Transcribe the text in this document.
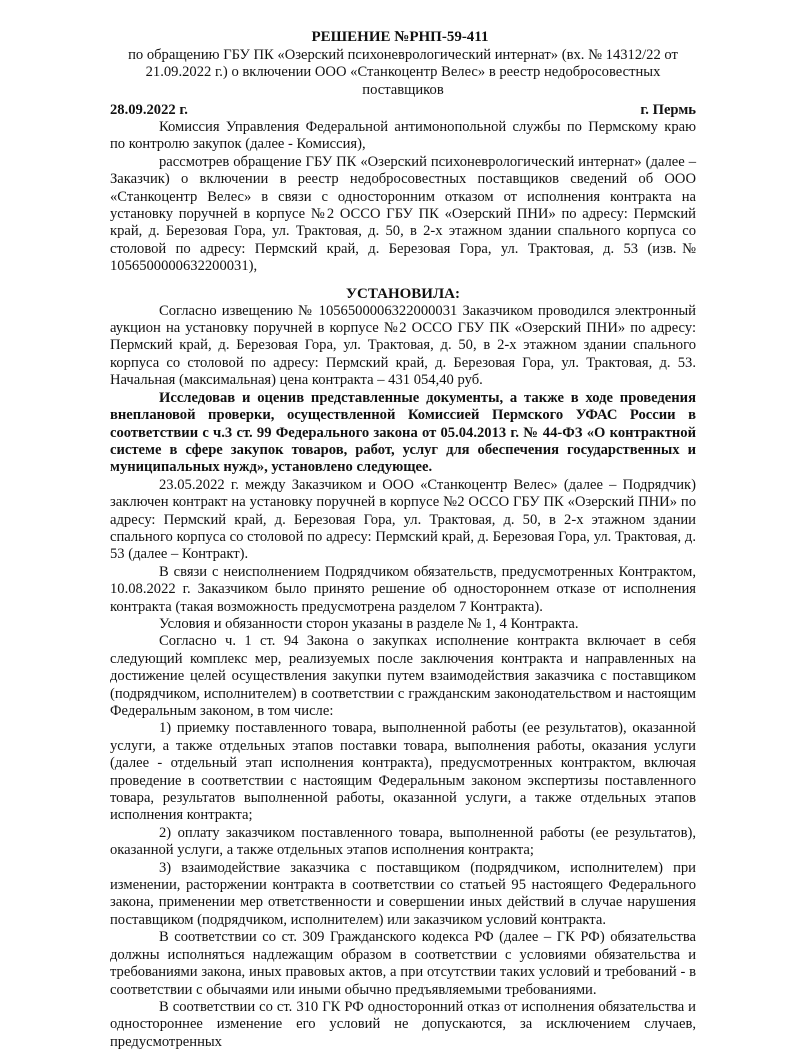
РЕШЕНИЕ №РНП-59-411
по обращению ГБУ ПК «Озерский психоневрологический интернат» (вх. № 14312/22 от 21.09.2022 г.) о включении ООО «Станкоцентр Велес» в реестр недобросовестных поставщиков
28.09.2022 г.	г. Пермь

Комиссия Управления Федеральной антимонопольной службы по Пермскому краю по контролю закупок (далее - Комиссия),

рассмотрев обращение ГБУ ПК «Озерский психоневрологический интернат» (далее – Заказчик) о включении в реестр недобросовестных поставщиков сведений об ООО «Станкоцентр Велес» в связи с односторонним отказом от исполнения контракта на установку поручней в корпусе №2 ОССО ГБУ ПК «Озерский ПНИ» по адресу: Пермский край, д. Березовая Гора, ул. Трактовая, д. 50, в 2-х этажном здании спального корпуса со столовой по адресу: Пермский край, д. Березовая Гора, ул. Трактовая, д. 53 (изв.№ 1056500000632200031),

УСТАНОВИЛА:

Согласно извещению № 1056500006322000031 Заказчиком проводился электронный аукцион на установку поручней в корпусе №2 ОССО ГБУ ПК «Озерский ПНИ» по адресу: Пермский край, д. Березовая Гора, ул. Трактовая, д. 50, в 2-х этажном здании спального корпуса со столовой по адресу: Пермский край, д. Березовая Гора, ул. Трактовая, д. 53. Начальная (максимальная) цена контракта – 431 054,40 руб.

Исследовав и оценив представленные документы, а также в ходе проведения внеплановой проверки, осуществленной Комиссией Пермского УФАС России в соответствии с ч.3 ст. 99 Федерального закона от 05.04.2013 г. № 44-ФЗ «О контрактной системе в сфере закупок товаров, работ, услуг для обеспечения государственных и муниципальных нужд», установлено следующее.

23.05.2022 г. между Заказчиком и ООО «Станкоцентр Велес» (далее – Подрядчик) заключен контракт на установку поручней в корпусе №2 ОССО ГБУ ПК «Озерский ПНИ» по адресу: Пермский край, д. Березовая Гора, ул. Трактовая, д. 50, в 2-х этажном здании спального корпуса со столовой по адресу: Пермский край, д. Березовая Гора, ул. Трактовая, д. 53 (далее – Контракт).

В связи с неисполнением Подрядчиком обязательств, предусмотренных Контрактом, 10.08.2022 г. Заказчиком было принято решение об одностороннем отказе от исполнения контракта (такая возможность предусмотрена разделом 7 Контракта).

Условия и обязанности сторон указаны в разделе № 1, 4 Контракта.

Согласно ч. 1 ст. 94 Закона о закупках исполнение контракта включает в себя следующий комплекс мер, реализуемых после заключения контракта и направленных на достижение целей осуществления закупки путем взаимодействия заказчика с поставщиком (подрядчиком, исполнителем) в соответствии с гражданским законодательством и настоящим Федеральным законом, в том числе:

1) приемку поставленного товара, выполненной работы (ее результатов), оказанной услуги, а также отдельных этапов поставки товара, выполнения работы, оказания услуги (далее - отдельный этап исполнения контракта), предусмотренных контрактом, включая проведение в соответствии с настоящим Федеральным законом экспертизы поставленного товара, результатов выполненной работы, оказанной услуги, а также отдельных этапов исполнения контракта;

2) оплату заказчиком поставленного товара, выполненной работы (ее результатов), оказанной услуги, а также отдельных этапов исполнения контракта;

3) взаимодействие заказчика с поставщиком (подрядчиком, исполнителем) при изменении, расторжении контракта в соответствии со статьей 95 настоящего Федерального закона, применении мер ответственности и совершении иных действий в случае нарушения поставщиком (подрядчиком, исполнителем) или заказчиком условий контракта.

В соответствии со ст. 309 Гражданского кодекса РФ (далее – ГК РФ) обязательства должны исполняться надлежащим образом в соответствии с условиями обязательства и требованиями закона, иных правовых актов, а при отсутствии таких условий и требований - в соответствии с обычаями или иными обычно предъявляемыми требованиями.

В соответствии со ст. 310 ГК РФ односторонний отказ от исполнения обязательства и одностороннее изменение его условий не допускаются, за исключением случаев, предусмотренных
